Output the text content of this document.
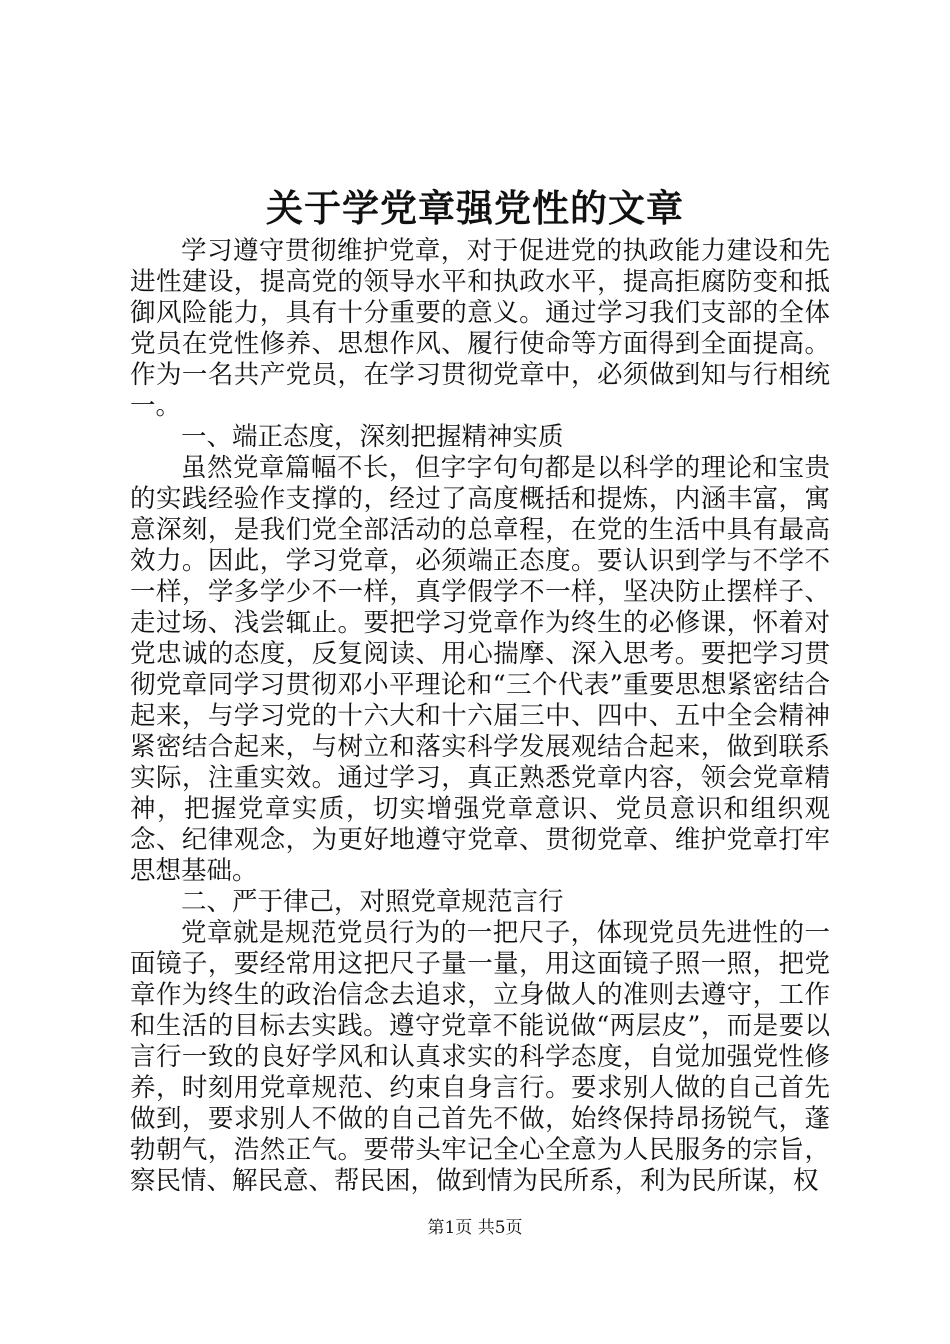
关于学党章强党性的文章

学习遵守贯彻维护党章，对于促进党的执政能力建设和先进性建设，提高党的领导水平和执政水平，提高拒腐防变和抵御风险能力，具有十分重要的意义。通过学习我们支部的全体党员在党性修养、思想作风、履行使命等方面得到全面提高。作为一名共产党员，在学习贯彻党章中，必须做到知与行相统一。

一、端正态度，深刻把握精神实质

虽然党章篇幅不长，但字字句句都是以科学的理论和宝贵的实践经验作支撑的，经过了高度概括和提炼，内涵丰富，寓意深刻，是我们党全部活动的总章程，在党的生活中具有最高效力。因此，学习党章，必须端正态度。要认识到学与不学不一样，学多学少不一样，真学假学不一样，坚决防止摆样子、走过场、浅尝辄止。要把学习党章作为终生的必修课，怀着对党忠诚的态度，反复阅读、用心揣摩、深入思考。要把学习贯彻党章同学习贯彻邓小平理论和“三个代表”重要思想紧密结合起来，与学习党的十六大和十六届三中、四中、五中全会精神紧密结合起来，与树立和落实科学发展观结合起来，做到联系实际，注重实效。通过学习，真正熟悉党章内容，领会党章精神，把握党章实质，切实增强党章意识、党员意识和组织观念、纪律观念，为更好地遵守党章、贯彻党章、维护党章打牢思想基础。

二、严于律己，对照党章规范言行

党章就是规范党员行为的一把尺子，体现党员先进性的一面镜子，要经常用这把尺子量一量，用这面镜子照一照，把党章作为终生的政治信念去追求，立身做人的准则去遵守，工作和生活的目标去实践。遵守党章不能说做“两层皮”，而是要以言行一致的良好学风和认真求实的科学态度，自觉加强党性修养，时刻用党章规范、约束自身言行。要求别人做的自己首先做到，要求别人不做的自己首先不做，始终保持昂扬锐气，蓬勃朝气，浩然正气。要带头牢记全心全意为人民服务的宗旨，察民情、解民意、帮民困，做到情为民所系，利为民所谋，权

第1页 共5页
